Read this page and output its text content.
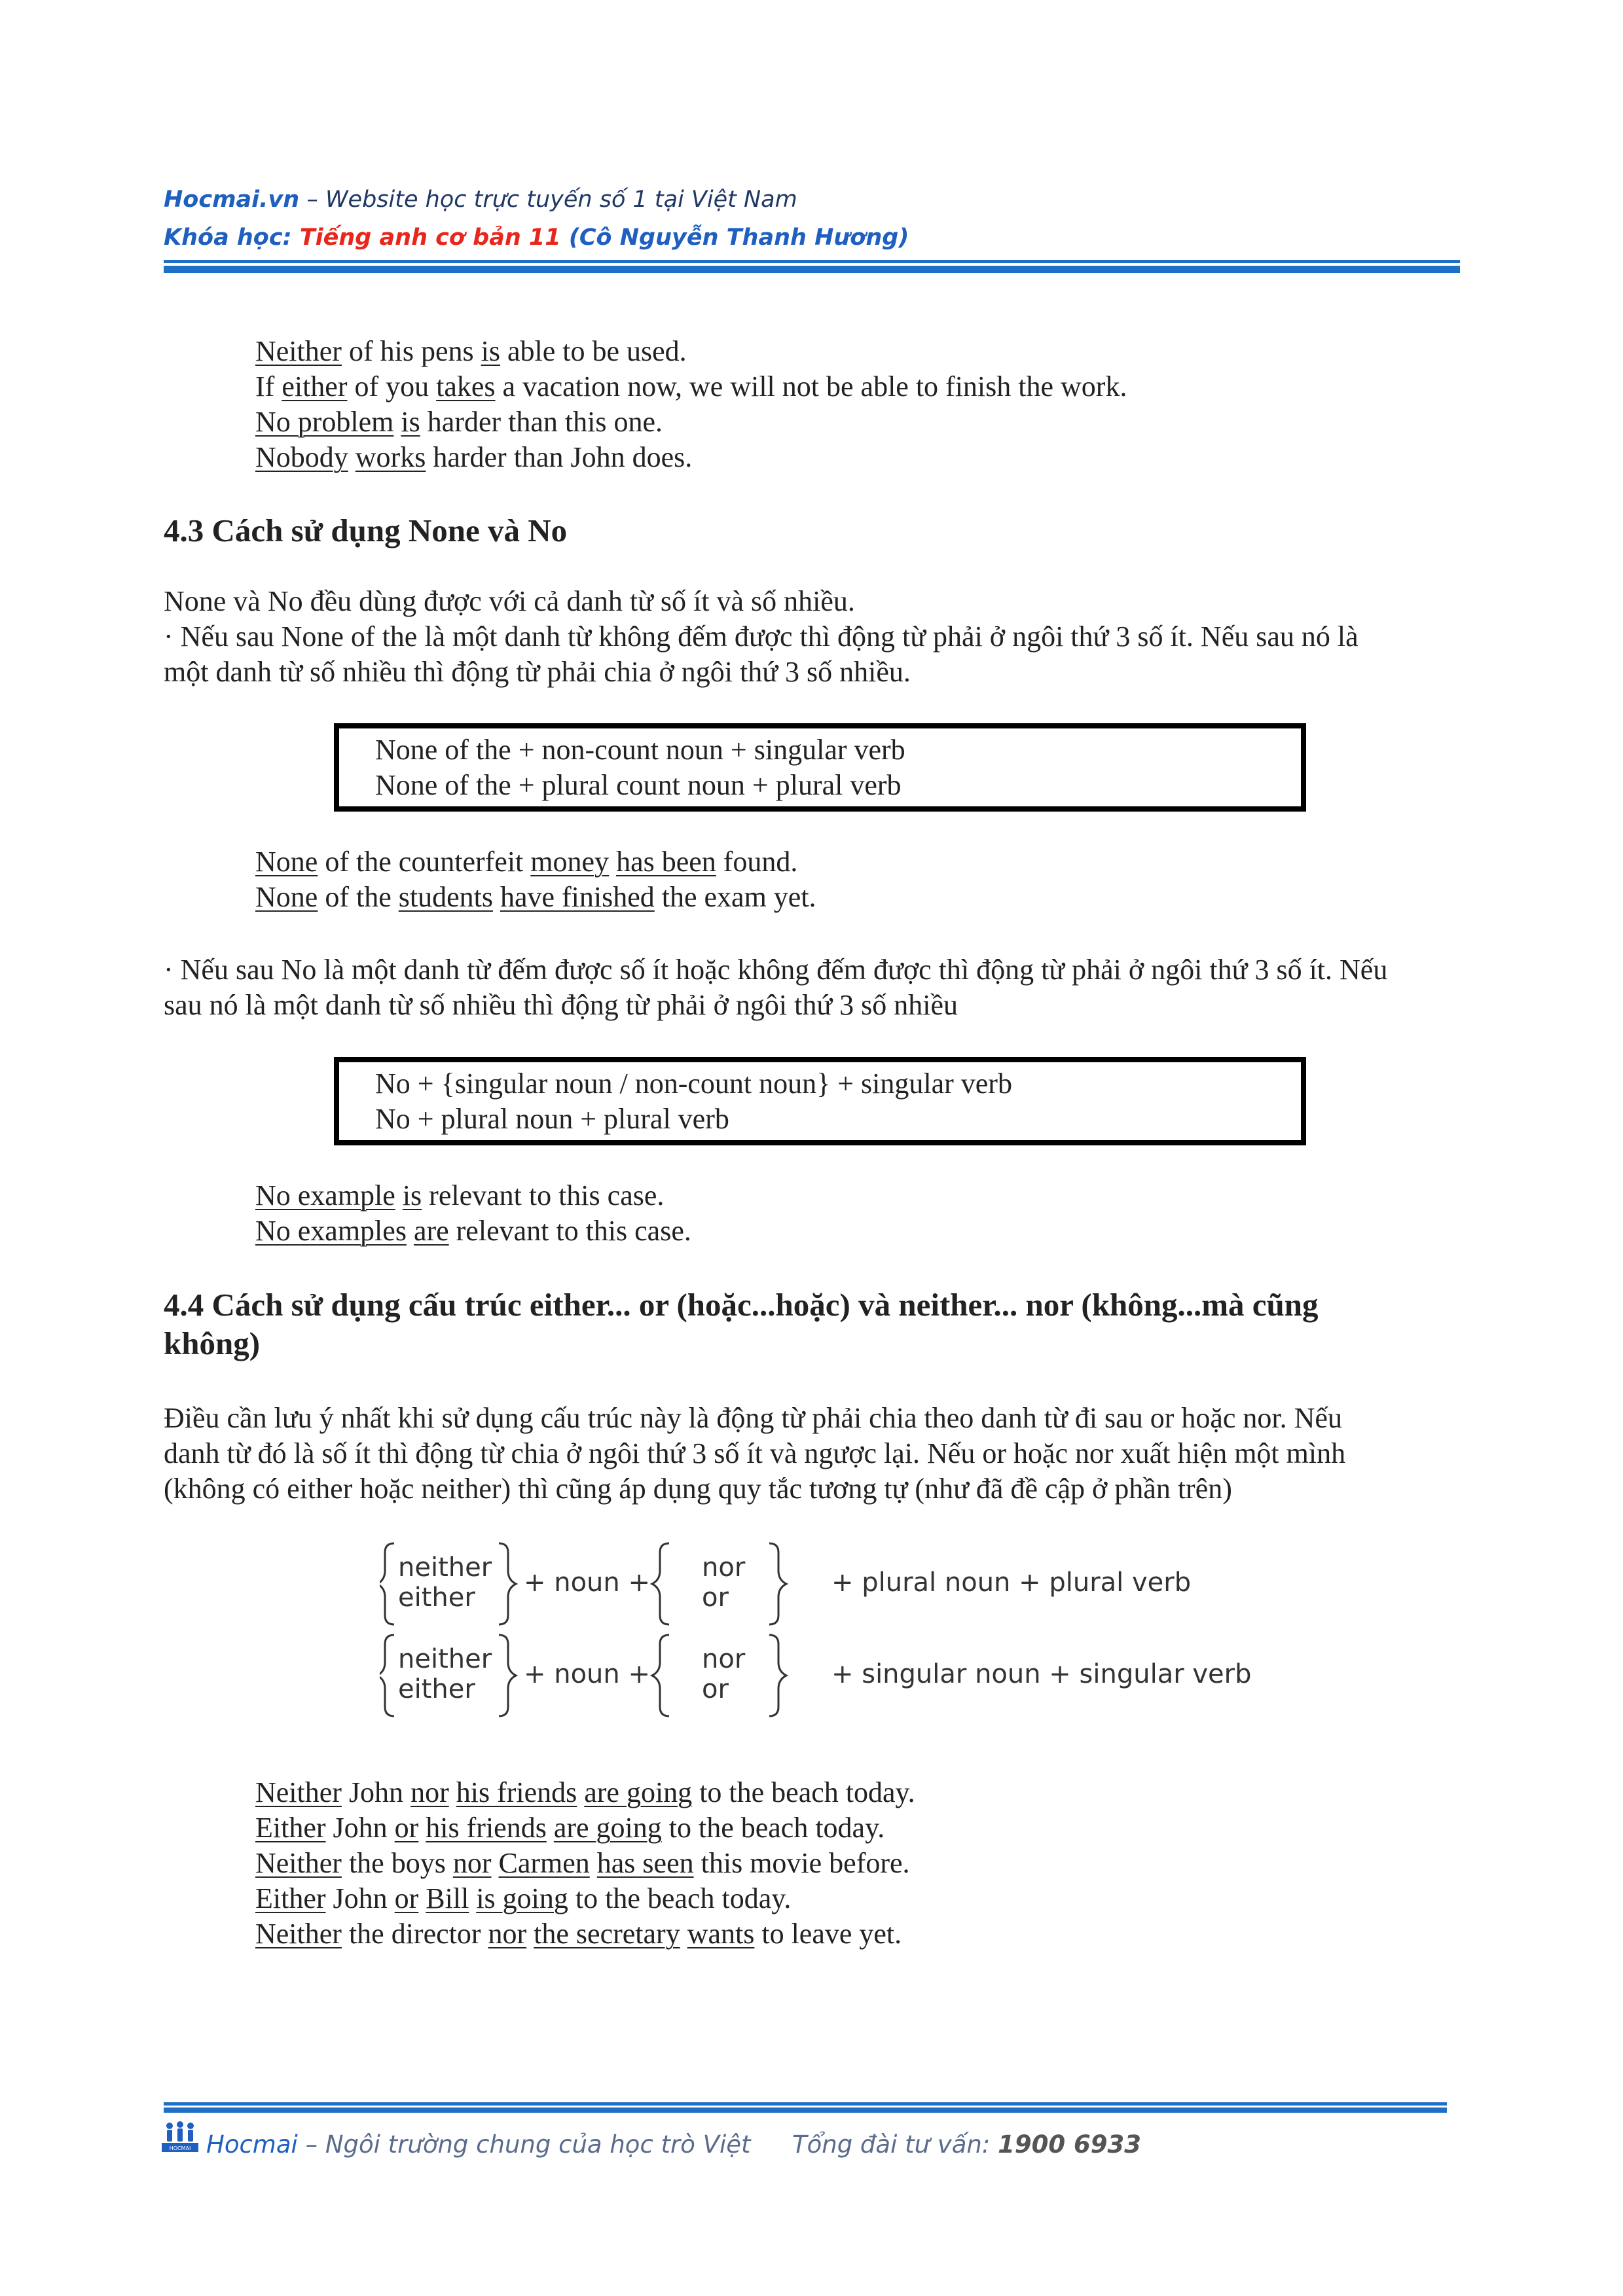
Hocmai.vn – Website học trực tuyến số 1 tại Việt Nam
Khóa học: Tiếng anh cơ bản 11 (Cô Nguyễn Thanh Hương)
Neither of his pens is able to be used.
If either of you takes a vacation now, we will not be able to finish the work.
No problem is harder than this one.
Nobody works harder than John does.
4.3 Cách sử dụng None và No
None và No đều dùng được với cả danh từ số ít và số nhiều.
· Nếu sau None of the là một danh từ không đếm được thì động từ phải ở ngôi thứ 3 số ít. Nếu sau nó là
một danh từ số nhiều thì động từ phải chia ở ngôi thứ 3 số nhiều.
None of the + non-count noun + singular verb
None of the + plural count noun + plural verb
None of the counterfeit money has been found.
None of the students have finished the exam yet.
· Nếu sau No là một danh từ đếm được số ít hoặc không đếm được thì động từ phải ở ngôi thứ 3 số ít. Nếu
sau nó là một danh từ số nhiều thì động từ phải ở ngôi thứ 3 số nhiều
No + {singular noun / non-count noun} + singular verb
No + plural noun + plural verb
No example is relevant to this case.
No examples are relevant to this case.
4.4 Cách sử dụng cấu trúc either... or (hoặc...hoặc) và neither... nor (không...mà cũng
không)
Điều cần lưu ý nhất khi sử dụng cấu trúc này là động từ phải chia theo danh từ đi sau or hoặc nor. Nếu
danh từ đó là số ít thì động từ chia ở ngôi thứ 3 số ít và ngược lại. Nếu or hoặc nor xuất hiện một mình
(không có either hoặc neither) thì cũng áp dụng quy tắc tương tự (như đã đề cập ở phần trên)
neither
either + noun + nor
or	+ plural noun + plural verb
neither
either + noun + nor
or	+ singular noun + singular verb
Neither John nor his friends are going to the beach today.
Either John or his friends are going to the beach today.
Neither the boys nor Carmen has seen this movie before.
Either John or Bill is going to the beach today.
Neither the director nor the secretary wants to leave yet.
HOCMAI Hocmai – Ngôi trường chung của học trò Việt Tổng đài tư vấn: 1900 6933
